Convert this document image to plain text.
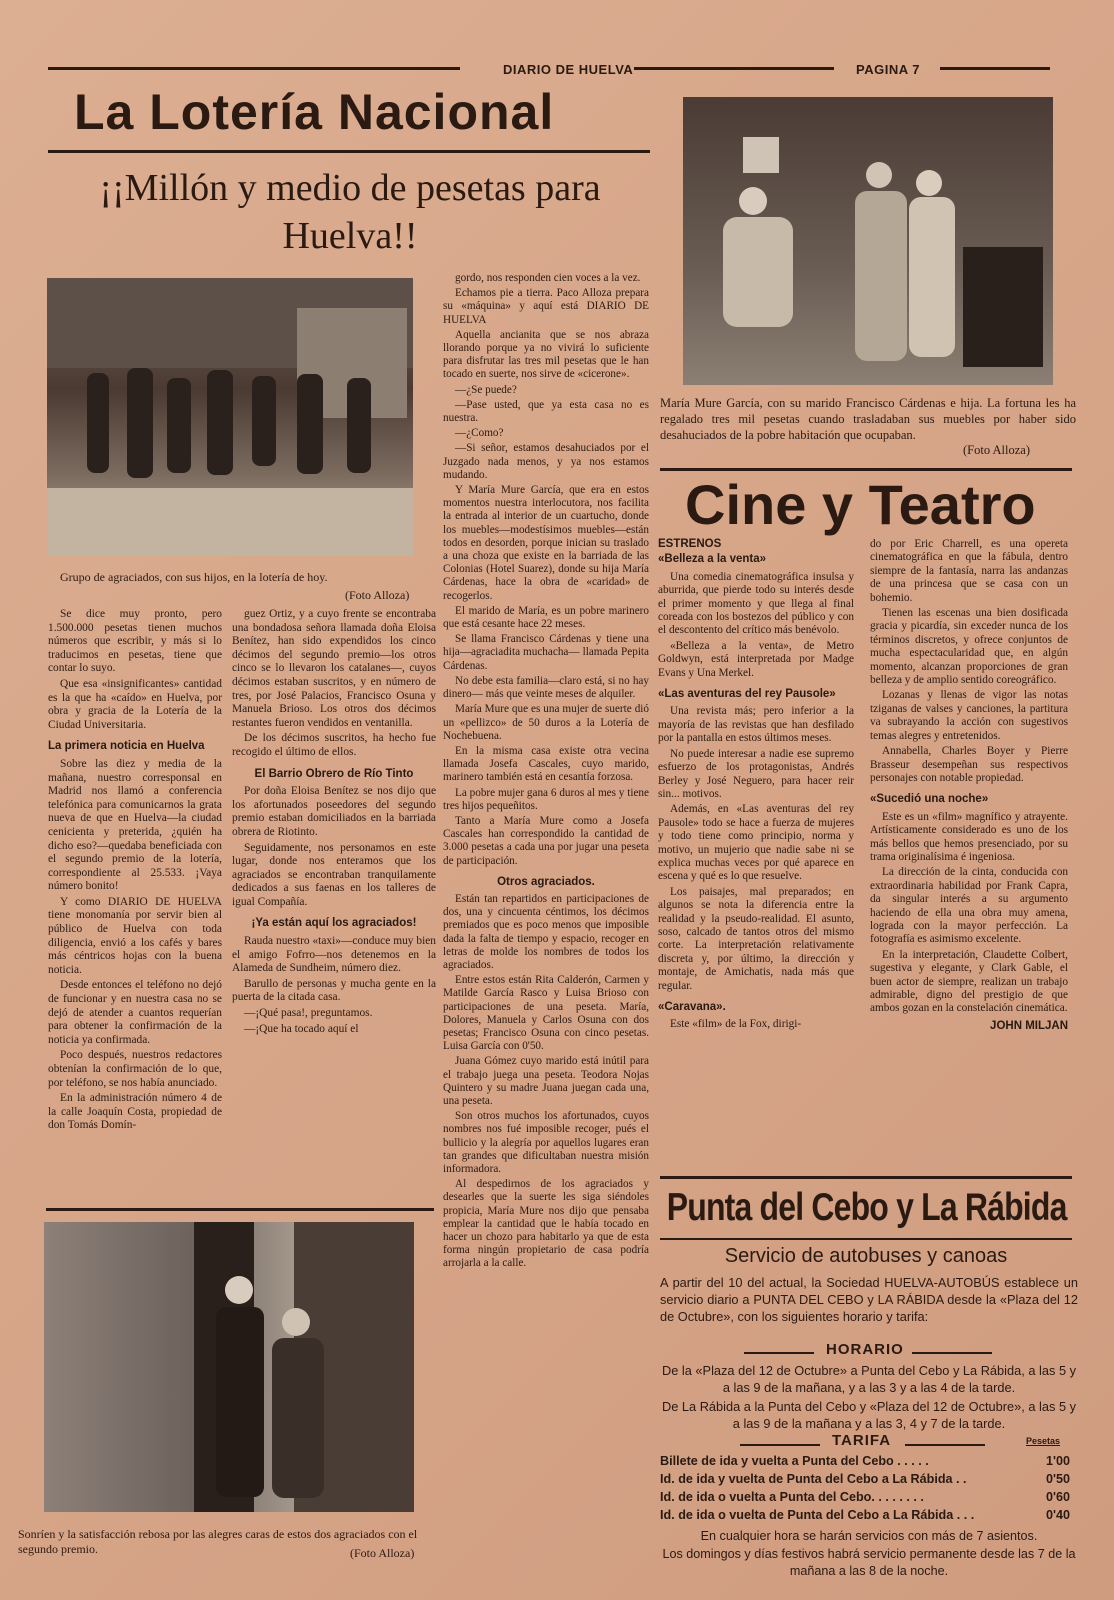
DIARIO DE HUELVA	PAGINA 7
La Lotería Nacional
¡¡Millón y medio de pesetas para Huelva!!
Grupo de agraciados, con sus hijos, en la lotería de hoy.
(Foto Alloza)

Se dice muy pronto, pero 1.500.000 pesetas tienen muchos números que escribir, y más si lo traducimos en pesetas, tiene que contar lo suyo.

Que esa «insignificantes» cantidad es la que ha «caído» en Huelva, por obra y gracia de la Lotería de la Ciudad Universitaria.

La primera noticia en Huelva

Sobre las diez y media de la mañana, nuestro corresponsal en Madrid nos llamó a conferencia telefónica para comunicarnos la grata nueva de que en Huelva—la ciudad cenicienta y preterida, ¿quién ha dicho eso?—quedaba beneficiada con el segundo premio de la lotería, correspondiente al 25.533. ¡Vaya número bonito!

Y como DIARIO DE HUELVA tiene monomanía por servir bien al público de Huelva con toda diligencia, envió a los cafés y bares más céntricos hojas con la buena noticia.

Desde entonces el teléfono no dejó de funcionar y en nuestra casa no se dejó de atender a cuantos requerían para obtener la confirmación de la noticia ya confirmada.

Poco después, nuestros redactores obtenían la confirmación de lo que, por teléfono, se nos había anunciado.

En la administración número 4 de la calle Joaquín Costa, propiedad de don Tomás Domín-

guez Ortiz, y a cuyo frente se encontraba una bondadosa señora llamada doña Eloisa Benítez, han sido expendidos los cinco décimos del segundo premio—los otros cinco se lo llevaron los catalanes—, cuyos décimos estaban suscritos, y en número de tres, por José Palacios, Francisco Osuna y Manuela Brioso. Los otros dos décimos restantes fueron vendidos en ventanilla.

De los décimos suscritos, ha hecho fue recogido el último de ellos.

El Barrio Obrero de Río Tinto

Por doña Eloisa Benítez se nos dijo que los afortunados poseedores del segundo premio estaban domiciliados en la barriada obrera de Riotinto.

Seguidamente, nos personamos en este lugar, donde nos enteramos que los agraciados se encontraban tranquilamente dedicados a sus faenas en los talleres de igual Compañía.

¡Ya están aquí los agraciados!

Rauda nuestro «taxi»—conduce muy bien el amigo Fofrro—nos detenemos en la Alameda de Sundheim, número diez.

Barullo de personas y mucha gente en la puerta de la citada casa.

—¡Qué pasa!, preguntamos.

—¡Que ha tocado aquí el

gordo, nos responden cien voces a la vez.

Echamos pie a tierra. Paco Alloza prepara su «máquina» y aquí está DIARIO DE HUELVA

Aquella ancianita que se nos abraza llorando porque ya no vivirá lo suficiente para disfrutar las tres mil pesetas que le han tocado en suerte, nos sirve de «cicerone».

—¿Se puede?

—Pase usted, que ya esta casa no es nuestra.

—¿Como?

—Si señor, estamos desahuciados por el Juzgado nada menos, y ya nos estamos mudando.

Y María Mure García, que era en estos momentos nuestra interlocutora, nos facilita la entrada al interior de un cuartucho, donde los muebles—modestísimos muebles—están todos en desorden, porque inician su traslado a una choza que existe en la barriada de las Colonias (Hotel Suarez), donde su hija María Cárdenas, hace la obra de «caridad» de recogerlos.

El marido de María, es un pobre marinero que está cesante hace 22 meses.

Se llama Francisco Cárdenas y tiene una hija—agraciadita muchacha— llamada Pepita Cárdenas.

No debe esta familia—claro está, si no hay dinero— más que veinte meses de alquiler.

María Mure que es una mujer de suerte dió un «pellizco» de 50 duros a la Lotería de Nochebuena.

En la misma casa existe otra vecina llamada Josefa Cascales, cuyo marido, marinero también está en cesantía forzosa.

La pobre mujer gana 6 duros al mes y tiene tres hijos pequeñitos.

Tanto a María Mure como a Josefa Cascales han correspondido la cantidad de 3.000 pesetas a cada una por jugar una peseta de participación.

Otros agraciados.

Están tan repartidos en participaciones de dos, una y cincuenta céntimos, los décimos premiados que es poco menos que imposible dada la falta de tiempo y espacio, recoger en letras de molde los nombres de todos los agraciados.

Entre estos están Rita Calderón, Carmen y Matilde García Rasco y Luisa Brioso con participaciones de una peseta. María, Dolores, Manuela y Carlos Osuna con dos pesetas; Francisco Osuna con cinco pesetas. Luisa García con 0'50.

Juana Gómez cuyo marido está inútil para el trabajo juega una peseta. Teodora Nojas Quintero y su madre Juana juegan cada una, una peseta.

Son otros muchos los afortunados, cuyos nombres nos fué imposible recoger, pués el bullicio y la alegría por aquellos lugares eran tan grandes que dificultaban nuestra misión informadora.

Al despedirnos de los agraciados y desearles que la suerte les siga siéndoles propicia, María Mure nos dijo que pensaba emplear la cantidad que le había tocado en hacer un chozo para habitarlo ya que de esta forma ningún propietario de casa podría arrojarla a la calle.

Sonríen y la satisfacción rebosa por las alegres caras de estos dos agraciados con el segundo premio.	(Foto Alloza)
María Mure García, con su marido Francisco Cárdenas e hija. La fortuna les ha regalado tres mil pesetas cuando trasladaban sus muebles por haber sido desahuciados de la pobre habitación que ocupaban.
(Foto Alloza)
Cine y Teatro
ESTRENOS
«Belleza a la venta»

Una comedia cinematográfica insulsa y aburrida, que pierde todo su interés desde el primer momento y que llega al final coreada con los bostezos del público y con el descontento del crítico más benévolo.

«Belleza a la venta», de Metro Goldwyn, está interpretada por Madge Evans y Una Merkel.

«Las aventuras del rey Pausole»

Una revista más; pero inferior a la mayoría de las revistas que han desfilado por la pantalla en estos últimos meses.

No puede interesar a nadie ese supremo esfuerzo de los protagonistas, Andrés Berley y José Neguero, para hacer reir sin... motivos.

Además, en «Las aventuras del rey Pausole» todo se hace a fuerza de mujeres y todo tiene como principio, norma y motivo, un mujerio que nadie sabe ni se explica muchas veces por qué aparece en escena y qué es lo que resuelve.

Los paisajes, mal preparados; en algunos se nota la diferencia entre la realidad y la pseudo-realidad. El asunto, soso, calcado de tantos otros del mismo corte. La interpretación relativamente discreta y, por último, la dirección y montaje, de Amichatis, nada más que regular.

«Caravana».

Este «film» de la Fox, dirigi-

do por Eric Charrell, es una opereta cinematográfica en que la fábula, dentro siempre de la fantasía, narra las andanzas de una princesa que se casa con un bohemio.

Tienen las escenas una bien dosificada gracia y picardía, sin exceder nunca de los términos discretos, y ofrece conjuntos de mucha espectacularidad que, en algún momento, alcanzan proporciones de gran belleza y de amplio sentido coreográfico.

Lozanas y llenas de vigor las notas tziganas de valses y canciones, la partitura va subrayando la acción con sugestivos temas alegres y entretenidos.

Annabella, Charles Boyer y Pierre Brasseur desempeñan sus respectivos personajes con notable propiedad.

«Sucedió una noche»

Este es un «film» magnífico y atrayente. Artísticamente considerado es uno de los más bellos que hemos presenciado, por su trama originalísima é ingeniosa.

La dirección de la cinta, conducida con extraordinaria habilidad por Frank Capra, da singular interés a su argumento haciendo de ella una obra muy amena, lograda con la mayor perfección. La fotografía es asimismo excelente.

En la interpretación, Claudette Colbert, sugestiva y elegante, y Clark Gable, el buen actor de siempre, realizan un trabajo admirable, digno del prestigio de que ambos gozan en la constelación cinemática.

JOHN MILJAN
Punta del Cebo y La Rábida
Servicio de autobuses y canoas
A partir del 10 del actual, la Sociedad HUELVA-AUTOBÚS establece un servicio diario a PUNTA DEL CEBO y LA RÁBIDA desde la «Plaza del 12 de Octubre», con los siguientes horario y tarifa:
HORARIO
De la «Plaza del 12 de Octubre» a Punta del Cebo y La Rábida, a las 5 y a las 9 de la mañana, y a las 3 y a las 4 de la tarde.
De La Rábida a la Punta del Cebo y «Plaza del 12 de Octubre», a las 5 y a las 9 de la mañana y a las 3, 4 y 7 de la tarde.
TARIFA	Pesetas
Billete de ida y vuelta a Punta del Cebo . . . . .	1'00
Id. de ida y vuelta de Punta del Cebo a La Rábida . .	0'50
Id. de ida o vuelta a Punta del Cebo. . . . . . . .	0'60
Id. de ida o vuelta de Punta del Cebo a La Rábida . . .	0'40
En cualquier hora se harán servicios con más de 7 asientos.
Los domingos y días festivos habrá servicio permanente desde las 7 de la mañana a las 8 de la noche.
